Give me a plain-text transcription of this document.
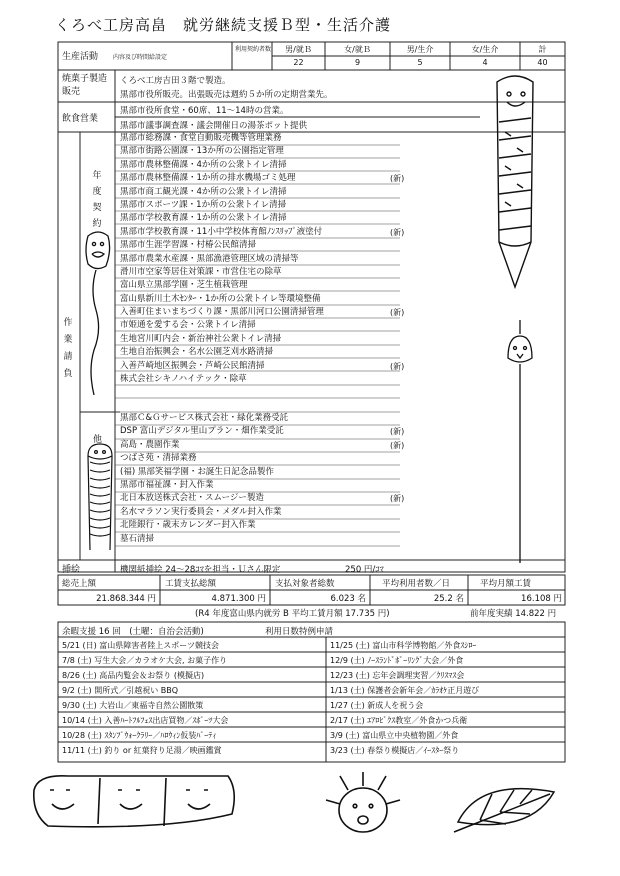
くろべ工房高畠　就労継続支援Ｂ型・生活介護
生産活動 内容及び時間給設定
利用契約者数	男/就Ｂ	女/就Ｂ	男/生介	女/生介	計
22	9	5	4	40
焼菓子製造販売
くろべ工房吉田３階で製造。
黒部市役所販売。出張販売は週約５か所の定期営業先。
飲食営業
黒部市役所食堂・60席、11～14時の営業。
黒部市議事調査課・議会開催日の湯茶ポット提供
作
業
請
負
年
度
契
約
他
黒部市総務課・食堂自動販売機等管理業務
黒部市街路公園課・13か所の公園指定管理
黒部市農林整備課・4か所の公衆トイレ清掃
黒部市農林整備課・1か所の排水機場ゴミ処理	(新)
黒部市商工観光課・4か所の公衆トイレ清掃
黒部市スポーツ課・1か所の公衆トイレ清掃
黒部市学校教育課・1か所の公衆トイレ清掃
黒部市学校教育課・11小中学校体育館ﾉﾝｽﾘｯﾌﾟ液塗付	(新)
黒部市生涯学習課・村椿公民館清掃
黒部市農業水産課・黒部漁港管理区域の清掃等
滑川市空家等居住対策課・市営住宅の除草
富山県立黒部学園・芝生植栽管理
富山県新川土木ｾﾝﾀｰ・1か所の公衆トイレ等環境整備
入善町住まいまちづくり課・黒部川河口公園清掃管理	(新)
市姫通を愛する会・公衆トイレ清掃
生地宮川町内会・新治神社公衆トイレ清掃
生地自治振興会・名水公園芝刈水路清掃
入善芦崎地区振興会・芦崎公民館清掃	(新)
株式会社シキノハイテック・除草
黒部Ｃ&Ｇサービス株式会社・緑化業務受託
DSP 富山デジタル里山プラン・畑作業受託	(新)
高島・農園作業	(新)
つばさ苑・清掃業務
(福) 黒部笑福学園・お誕生日記念品製作
黒部市福祉課・封入作業
北日本放送株式会社・スムージー製造	(新)
名水マラソン実行委員会・メダル封入作業
北陸銀行・歳末カレンダー封入作業
墓石清掃
挿絵	機関紙挿絵 24～28ｺﾏを担当・Ｕさん限定	250 円/ｺﾏ
総売上額	工賃支払総額	支払対象者総数	平均利用者数／日	平均月額工賃
21.868.344 円	4.871.300 円	6.023 名	25.2 名	16.108 円
(R4 年度富山県内就労 B 平均工賃月額 17.735 円)	前年度実績 14.822 円
余暇支援 16 回　(土曜：自治会活動)	利用日数特例申請
5/21 (日) 富山県障害者陸上スポーツ競技会
7/8 (土) 写生大会／カラオケ大会, お菓子作り
8/26 (土) 高品内覧会＆お祭り (模擬店)
9/2 (土) 開所式／引越祝い BBQ
9/30 (土) 大岩山／東福寺自然公園散策
10/14 (土) 入善ﾊｰﾄﾌﾙﾌｪｽ出店買物／ｽﾎﾟｰﾂ大会
10/28 (土) ｽﾀﾝﾌﾟｳｫｰｸﾗﾘｰ／ﾊﾛｳｨﾝ仮装ﾊﾟｰﾃｨ
11/11 (土) 釣り or 紅葉狩り足湯／映画鑑賞
11/25 (土) 富山市科学博物館／外食ｽｼﾛｰ
12/9 (土) ﾉｰｽﾗﾝﾄﾞﾎﾞｰﾘﾝｸﾞ大会／外食
12/23 (土) 忘年会調理実習／ｸﾘｽﾏｽ会
1/13 (土) 保護者会新年会／ｶﾗｵｹ正月遊び
1/27 (土) 新成人を祝う会
2/17 (土) ｴｱﾛﾋﾞｸｽ教室／外食かつ兵衛
3/9 (土) 富山県立中央植物園／外食
3/23 (土) 春祭り模擬店／ｲｰｽﾀｰ祭り
